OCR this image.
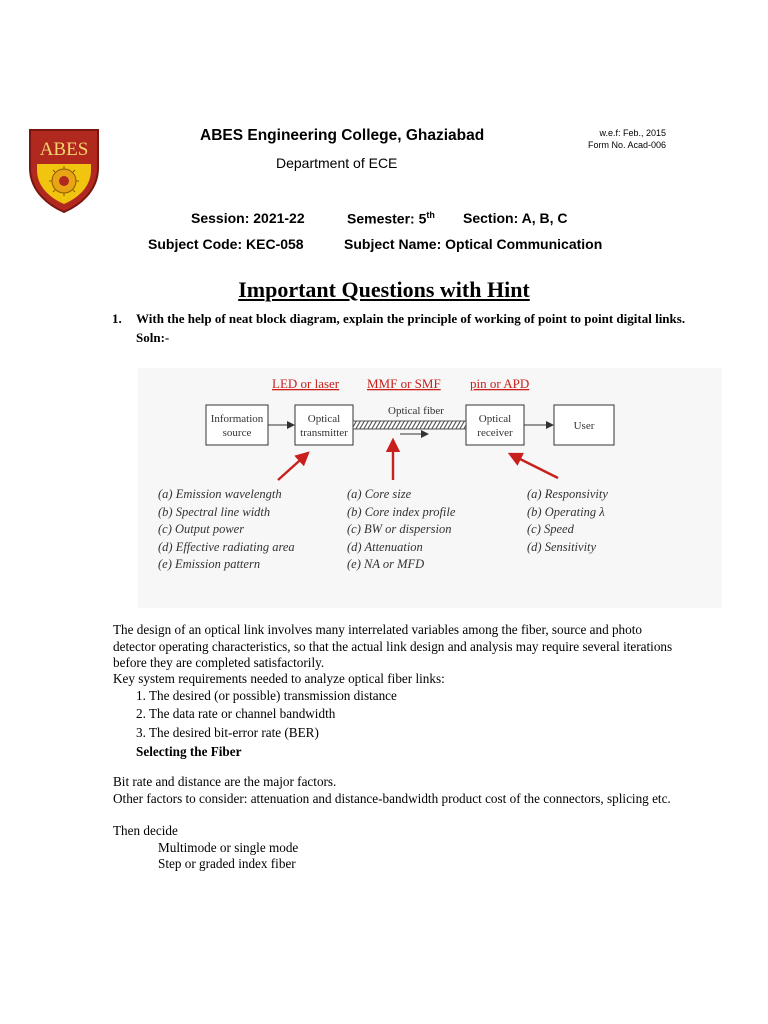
ABES
ABES Engineering College, Ghaziabad
Department of ECE
w.e.f: Feb., 2015
Form No. Acad-006
Session: 2021-22	Semester: 5th Section: A, B, C
Subject Code: KEC-058	Subject Name: Optical Communication
Important Questions with Hint
1. With the help of neat block diagram, explain the principle of working of point to point digital links.
Soln:-
LED or laser MMF or SMF pin or APD
Information
source
Optical
transmitter
Optical
receiver
User
Optical fiber
(a) Emission wavelength
(b) Spectral line width
(c) Output power
(d) Effective radiating area
(e) Emission pattern
(a) Core size
(b) Core index profile
(c) BW or dispersion
(d) Attenuation
(e) NA or MFD
(a) Responsivity
(b) Operating λ
(c) Speed
(d) Sensitivity
The design of an optical link involves many interrelated variables among the fiber, source and photo detector operating characteristics, so that the actual link design and analysis may require several iterations before they are completed satisfactorily.
Key system requirements needed to analyze optical fiber links:
1. The desired (or possible) transmission distance
2. The data rate or channel bandwidth
3. The desired bit-error rate (BER)
Selecting the Fiber
Bit rate and distance are the major factors.
Other factors to consider: attenuation and distance-bandwidth product cost of the connectors, splicing etc.
Then decide
Multimode or single mode
Step or graded index fiber
